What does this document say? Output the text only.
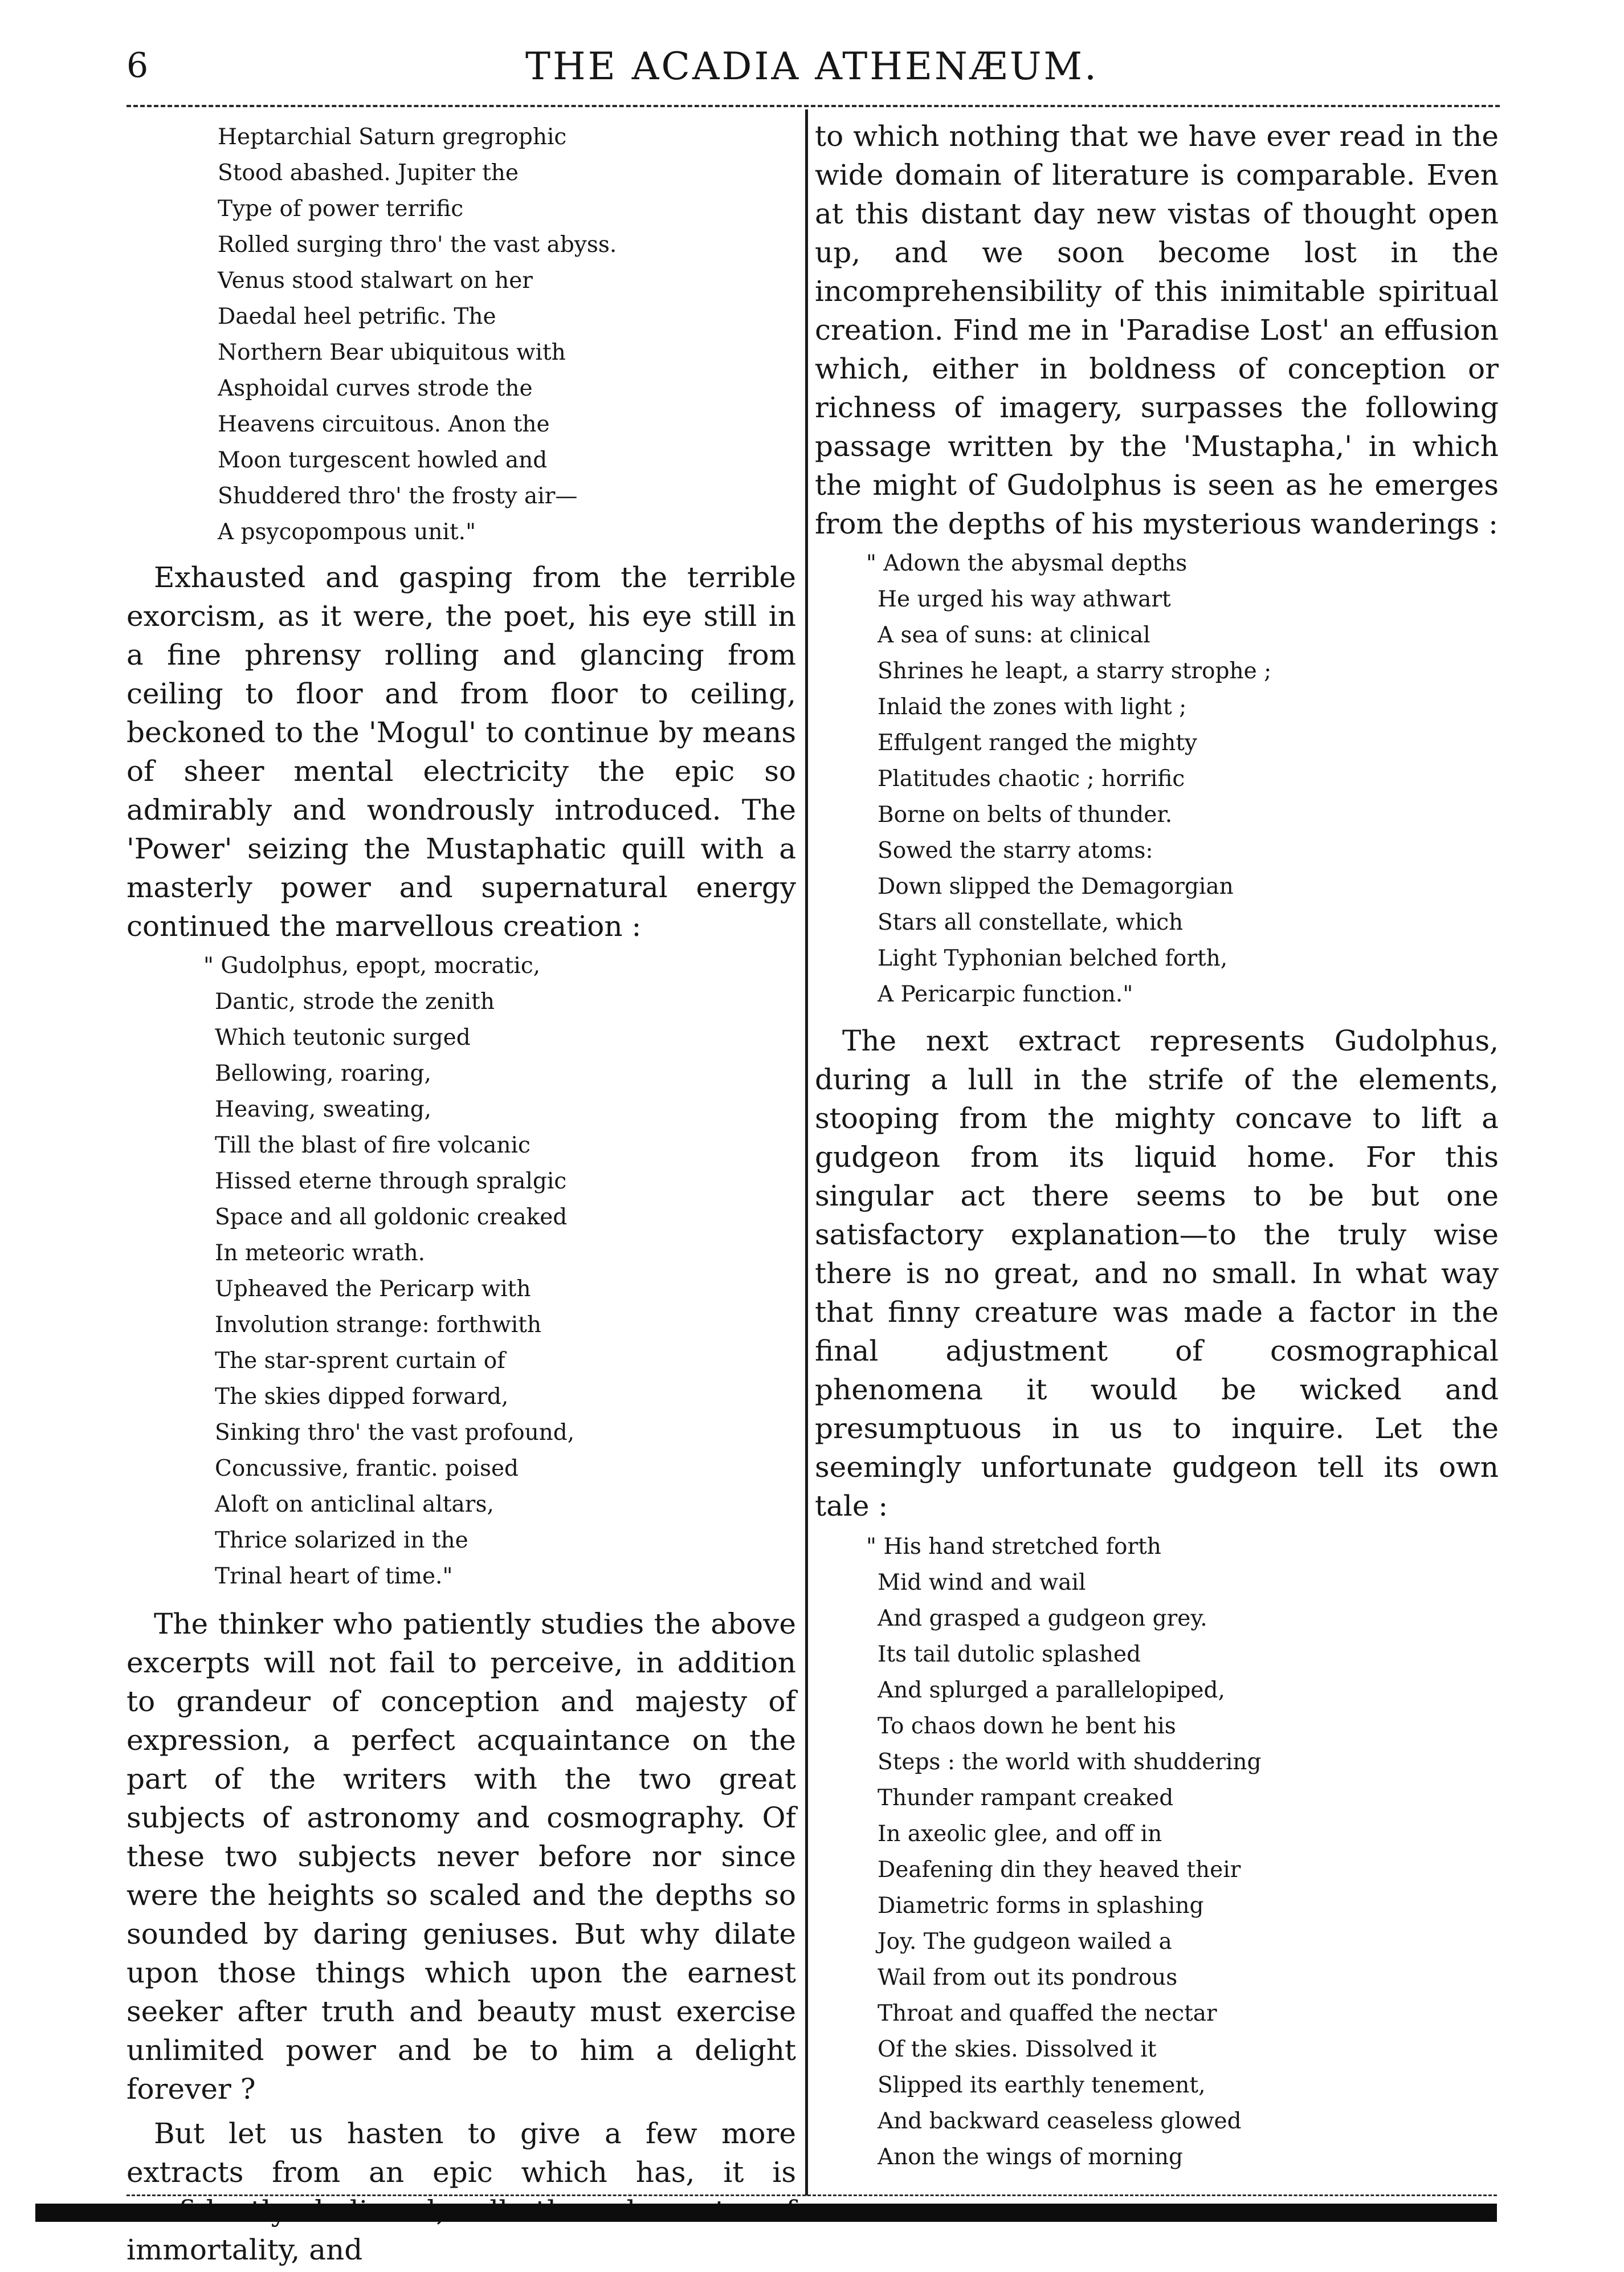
6	THE ACADIA ATHENÆUM.
Heptarchial Saturn gregrophic
Stood abashed. Jupiter the
Type of power terrific
Rolled surging thro' the vast abyss.
Venus stood stalwart on her
Daedal heel petrific. The
Northern Bear ubiquitous with
Asphoidal curves strode the
Heavens circuitous. Anon the
Moon turgescent howled and
Shuddered thro' the frosty air—
A psycopompous unit."

Exhausted and gasping from the terrible exorcism, as it were, the poet, his eye still in a fine phrensy rolling and glancing from ceiling to floor and from floor to ceiling, beckoned to the 'Mogul' to continue by means of sheer mental electricity the epic so admirably and wondrously introduced. The 'Power' seizing the Mustaphatic quill with a masterly power and supernatural energy continued the marvellous creation :

" Gudolphus, epopt, mocratic,
Dantic, strode the zenith
Which teutonic surged
Bellowing, roaring,
Heaving, sweating,
Till the blast of fire volcanic
Hissed eterne through spralgic
Space and all goldonic creaked
In meteoric wrath.
Upheaved the Pericarp with
Involution strange: forthwith
The star-sprent curtain of
The skies dipped forward,
Sinking thro' the vast profound,
Concussive, frantic. poised
Aloft on anticlinal altars,
Thrice solarized in the
Trinal heart of time."

The thinker who patiently studies the above excerpts will not fail to perceive, in addition to grandeur of conception and majesty of expression, a perfect acquaintance on the part of the writers with the two great subjects of astronomy and cosmography. Of these two subjects never before nor since were the heights so scaled and the depths so sounded by daring geniuses. But why dilate upon those things which upon the earnest seeker after truth and beauty must exercise unlimited power and be to him a delight forever ?

But let us hasten to give a few more extracts from an epic which has, it is immortality, and

to which nothing that we have ever read in the wide domain of literature is comparable. Even at this distant day new vistas of thought open up, and we soon become lost in the incomprehensibility of this inimitable spiritual creation. Find me in 'Paradise Lost' an effusion which, either in boldness of conception or richness of imagery, surpasses the following passage written by the 'Mustapha,' in which the might of Gudolphus is seen as he emerges from the depths of his mysterious wanderings :

" Adown the abysmal depths
He urged his way athwart
A sea of suns: at clinical
Shrines he leapt, a starry strophe ;
Inlaid the zones with light ;
Effulgent ranged the mighty
Platitudes chaotic ; horrific
Borne on belts of thunder.
Sowed the starry atoms:
Down slipped the Demagorgian
Stars all constellate, which
Light Typhonian belched forth,
A Pericarpic function."

The next extract represents Gudolphus, during a lull in the strife of the elements, stooping from the mighty concave to lift a gudgeon from its liquid home. For this singular act there seems to be but one satisfactory explanation—to the truly wise there is no great, and no small. In what way that finny creature was made a factor in the final adjustment of cosmographical phenomena it would be wicked and presumptuous in us to inquire. Let the seemingly unfortunate gudgeon tell its own tale :

" His hand stretched forth
Mid wind and wail
And grasped a gudgeon grey.
Its tail dutolic splashed
And splurged a parallelopiped,
To chaos down he bent his
Steps : the world with shuddering
Thunder rampant creaked
In axeolic glee, and off in
Deafening din they heaved their
Diametric forms in splashing
Joy. The gudgeon wailed a
Wail from out its pondrous
Throat and quaffed the nectar
Of the skies. Dissolved it
Slipped its earthly tenement,
And backward ceaseless glowed
Anon the wings of morning
